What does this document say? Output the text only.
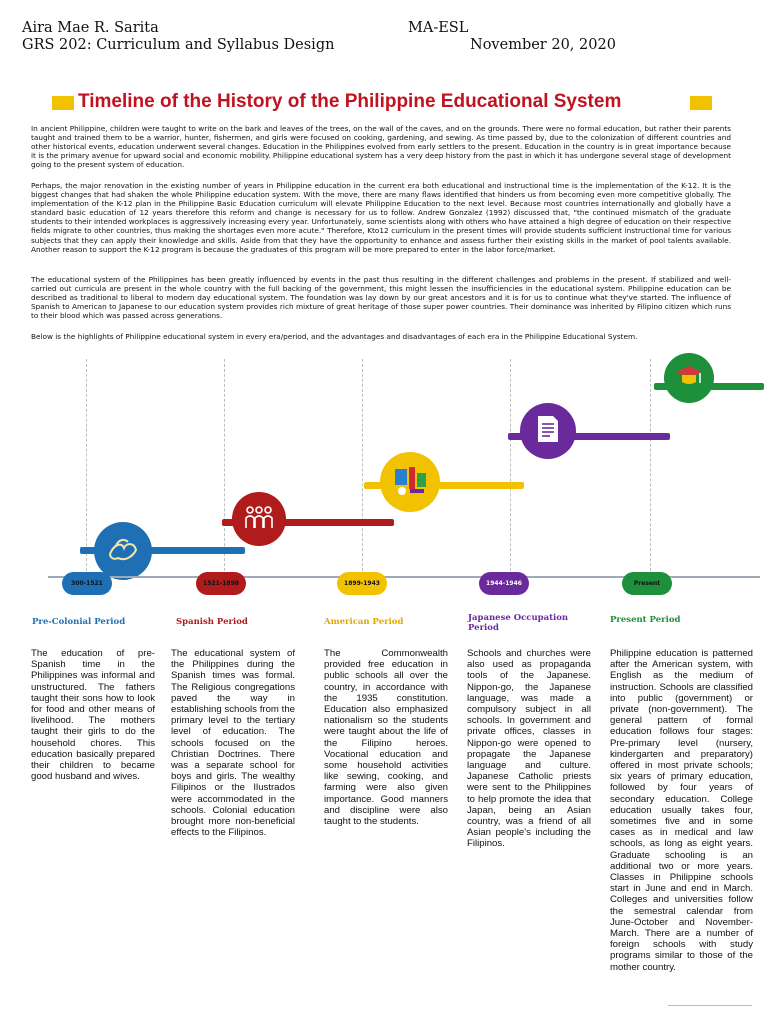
Aira Mae R. Sarita
GRS 202: Curriculum and Syllabus Design
MA-ESL
November 20, 2020
Timeline of the History of the Philippine Educational System

In ancient Philippine, children were taught to write on the bark and leaves of the trees, on the wall of the caves, and on the grounds. There were no formal education, but rather their parents taught and trained them to be a warrior, hunter, fishermen, and girls were focused on cooking, gardening, and sewing. As time passed by, due to the colonization of different countries and other historical events, education underwent several changes. Education in the Philippines evolved from early settlers to the present. Education in the country is in great importance because it is the primary avenue for upward social and economic mobility. Philippine educational system has a very deep history from the past in which it has undergone several stage of development going to the present system of education.

Perhaps, the major renovation in the existing number of years in Philippine education in the current era both educational and instructional time is the implementation of the K-12. It is the biggest changes that had shaken the whole Philippine education system. With the move, there are many flaws identified that hinders us from becoming even more competitive globally. The implementation of the K-12 plan in the Philippine Basic Education curriculum will elevate Philippine Education to the next level. Because most countries internationally and globally have a standard basic education of 12 years therefore this reform and change is necessary for us to follow. Andrew Gonzalez (1992) discussed that, "the continued mismatch of the graduate students to their intended workplaces is aggressively increasing every year. Unfortunately, some scientists along with others who have attained a high degree of education on their respective fields migrate to other countries, thus making the shortages even more acute." Therefore, Kto12 curriculum in the present times will provide students sufficient instructional time for various subjects that they can apply their knowledge and skills. Aside from that they have the opportunity to enhance and assess further their existing skills in the market of pool talents available. Another reason to support the K-12 program is because the graduates of this program will be more prepared to enter in the labor force/market.

The educational system of the Philippines has been greatly influenced by events in the past thus resulting in the different challenges and problems in the present. If stabilized and well-carried out curricula are present in the whole country with the full backing of the government, this might lessen the insufficiencies in the educational system. Philippine education can be described as traditional to liberal to modern day educational system. The foundation was lay down by our great ancestors and it is for us to continue what they've started. The influence of Spanish to American to Japanese to our education system provides rich mixture of great heritage of those super power countries. Their dominance was inherited by Filipino citizen which runs to their blood which was passed across generations.

Below is the highlights of Philippine educational system in every era/period, and the advantages and disadvantages of each era in the Philippine Educational System.

300-1521	1521-1898	1899-1943	1944-1946	Present
Pre-Colonial Period	Spanish Period	American Period	Japanese Occupation Period
Present Period

The education of pre-Spanish time in the Philippines was informal and unstructured. The fathers taught their sons how to look for food and other means of livelihood. The mothers taught their girls to do the household chores. This education basically prepared their children to became good husband and wives.

The educational system of the Philippines during the Spanish times was formal. The Religious congregations paved the way in establishing schools from the primary level to the tertiary level of education. The schools focused on the Christian Doctrines. There was a separate school for boys and girls. The wealthy Filipinos or the Ilustrados were accommodated in the schools. Colonial education brought more non-beneficial effects to the Filipinos.

The Commonwealth provided free education in public schools all over the country, in accordance with the 1935 constitution. Education also emphasized nationalism so the students were taught about the life of the Filipino heroes. Vocational education and some household activities like sewing, cooking, and farming were also given importance. Good manners and discipline were also taught to the students.

Schools and churches were also used as propaganda tools of the Japanese. Nippon-go, the Japanese language, was made a compulsory subject in all schools. In government and private offices, classes in Nippon-go were opened to propagate the Japanese language and culture. Japanese Catholic priests were sent to the Philippines to help promote the idea that Japan, being an Asian country, was a friend of all Asian people's including the Filipinos.

Philippine education is patterned after the American system, with English as the medium of instruction. Schools are classified into public (government) or private (non-government). The general pattern of formal education follows four stages: Pre-primary level (nursery, kindergarten and preparatory) offered in most private schools; six years of primary education, followed by four years of secondary education. College education usually takes four, sometimes five and in some cases as in medical and law schools, as long as eight years. Graduate schooling is an additional two or more years. Classes in Philippine schools start in June and end in March. Colleges and universities follow the semestral calendar from June-October and November-March. There are a number of foreign schools with study programs similar to those of the mother country.
